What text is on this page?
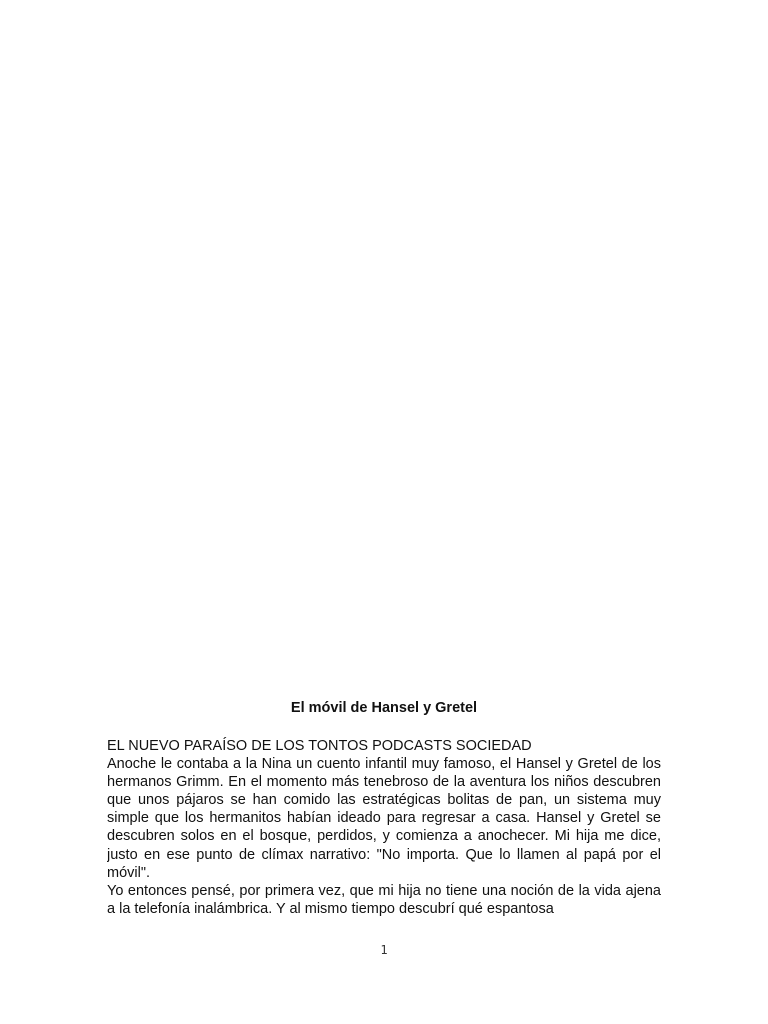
El móvil de Hansel y Gretel

EL NUEVO PARAÍSO DE LOS TONTOS PODCASTS SOCIEDAD

Anoche le contaba a la Nina un cuento infantil muy famoso, el Hansel y Gretel de los hermanos Grimm. En el momento más tenebroso de la aventura los niños descubren que unos pájaros se han comido las estratégicas bolitas de pan, un sistema muy simple que los hermanitos habían ideado para regresar a casa. Hansel y Gretel se descubren solos en el bosque, perdidos, y comienza a anochecer. Mi hija me dice, justo en ese punto de clímax narrativo: "No importa. Que lo llamen al papá por el móvil".

Yo entonces pensé, por primera vez, que mi hija no tiene una noción de la vida ajena a la telefonía inalámbrica. Y al mismo tiempo descubrí qué espantosa

1
